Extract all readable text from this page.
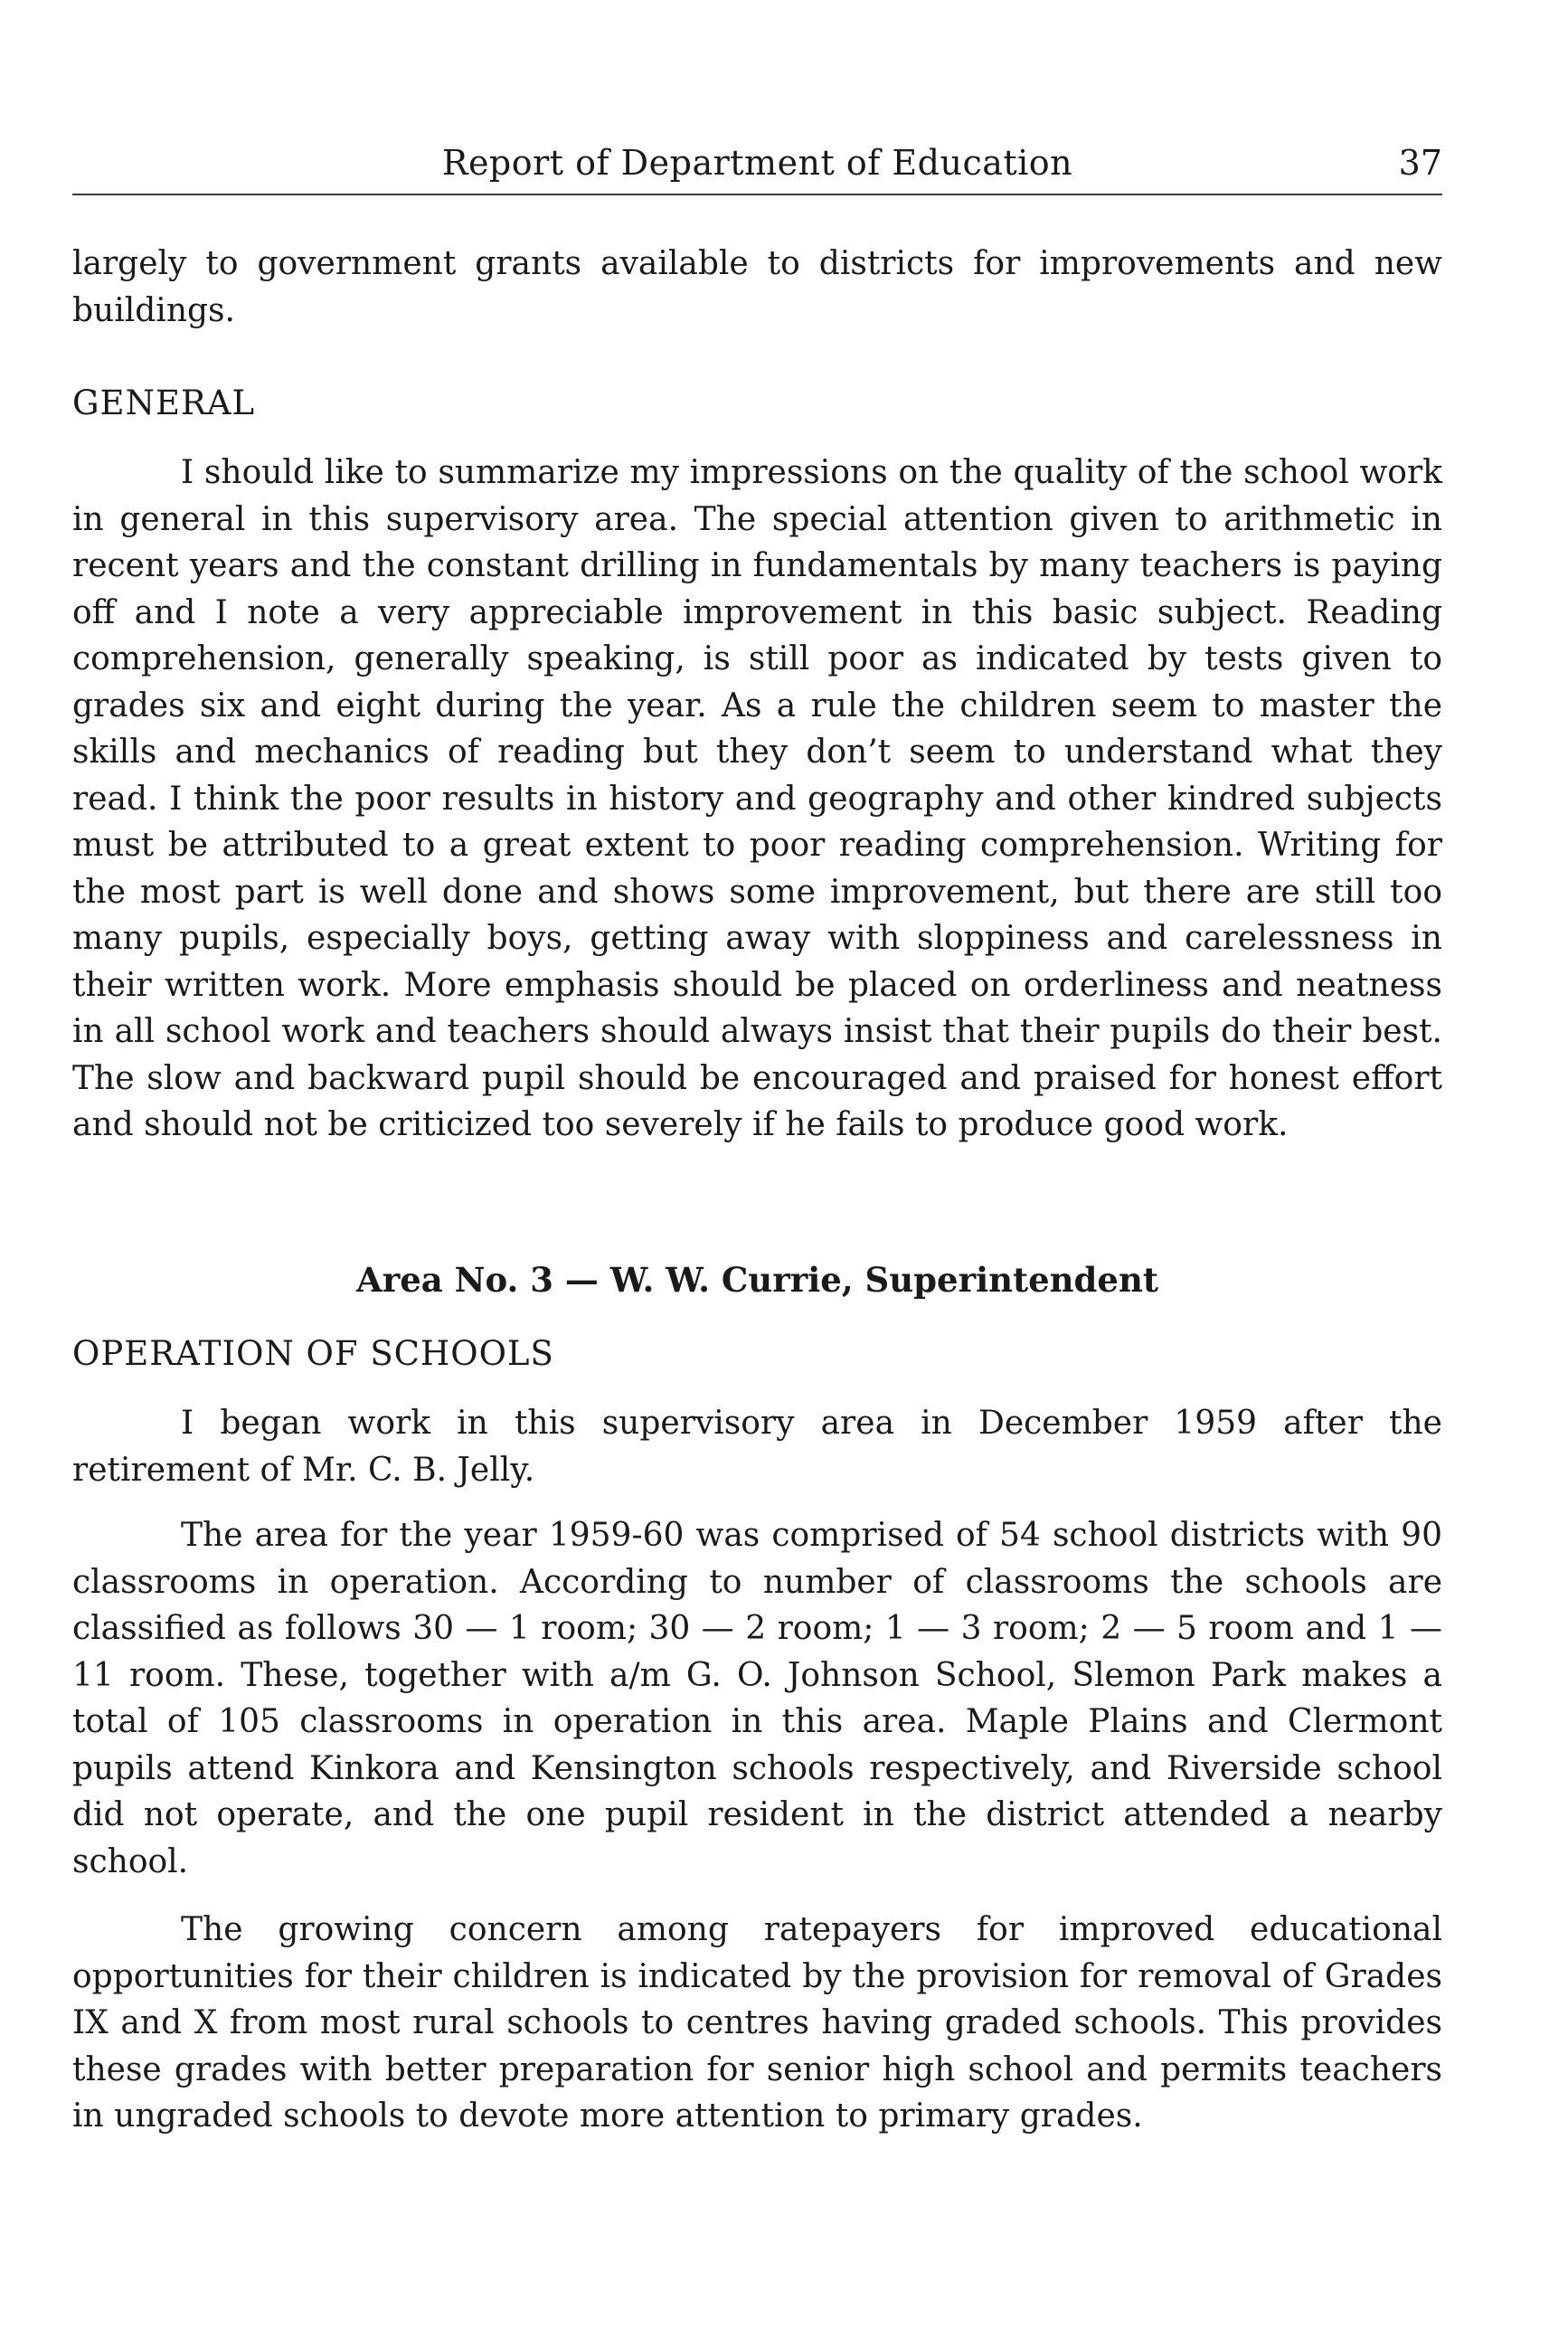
Report of Department of Education	37

largely to government grants available to districts for improvements and new buildings.

GENERAL

I should like to summarize my impressions on the quality of the school work in general in this supervisory area. The special attention given to arithmetic in recent years and the constant drilling in fundamentals by many teachers is paying off and I note a very appreciable improvement in this basic subject. Reading comprehension, generally speaking, is still poor as indicated by tests given to grades six and eight during the year. As a rule the children seem to master the skills and mechanics of reading but they don’t seem to understand what they read. I think the poor results in history and geography and other kindred subjects must be attributed to a great extent to poor reading comprehension. Writing for the most part is well done and shows some improvement, but there are still too many pupils, especially boys, getting away with sloppiness and carelessness in their written work. More emphasis should be placed on orderliness and neatness in all school work and teachers should always insist that their pupils do their best. The slow and backward pupil should be encouraged and praised for honest effort and should not be criticized too severely if he fails to produce good work.

Area No. 3 — W. W. Currie, Superintendent
OPERATION OF SCHOOLS

I began work in this supervisory area in December 1959 after the retirement of Mr. C. B. Jelly.

The area for the year 1959-60 was comprised of 54 school districts with 90 classrooms in operation. According to number of classrooms the schools are classified as follows 30 — 1 room; 30 — 2 room; 1 — 3 room; 2 — 5 room and 1 — 11 room. These, together with a/m G. O. Johnson School, Slemon Park makes a total of 105 classrooms in operation in this area. Maple Plains and Clermont pupils attend Kinkora and Kensington schools respectively, and Riverside school did not operate, and the one pupil resident in the district attended a nearby school.

The growing concern among ratepayers for improved educational opportunities for their children is indicated by the provision for removal of Grades IX and X from most rural schools to centres having graded schools. This provides these grades with better preparation for senior high school and permits teachers in ungraded schools to devote more attention to primary grades.
